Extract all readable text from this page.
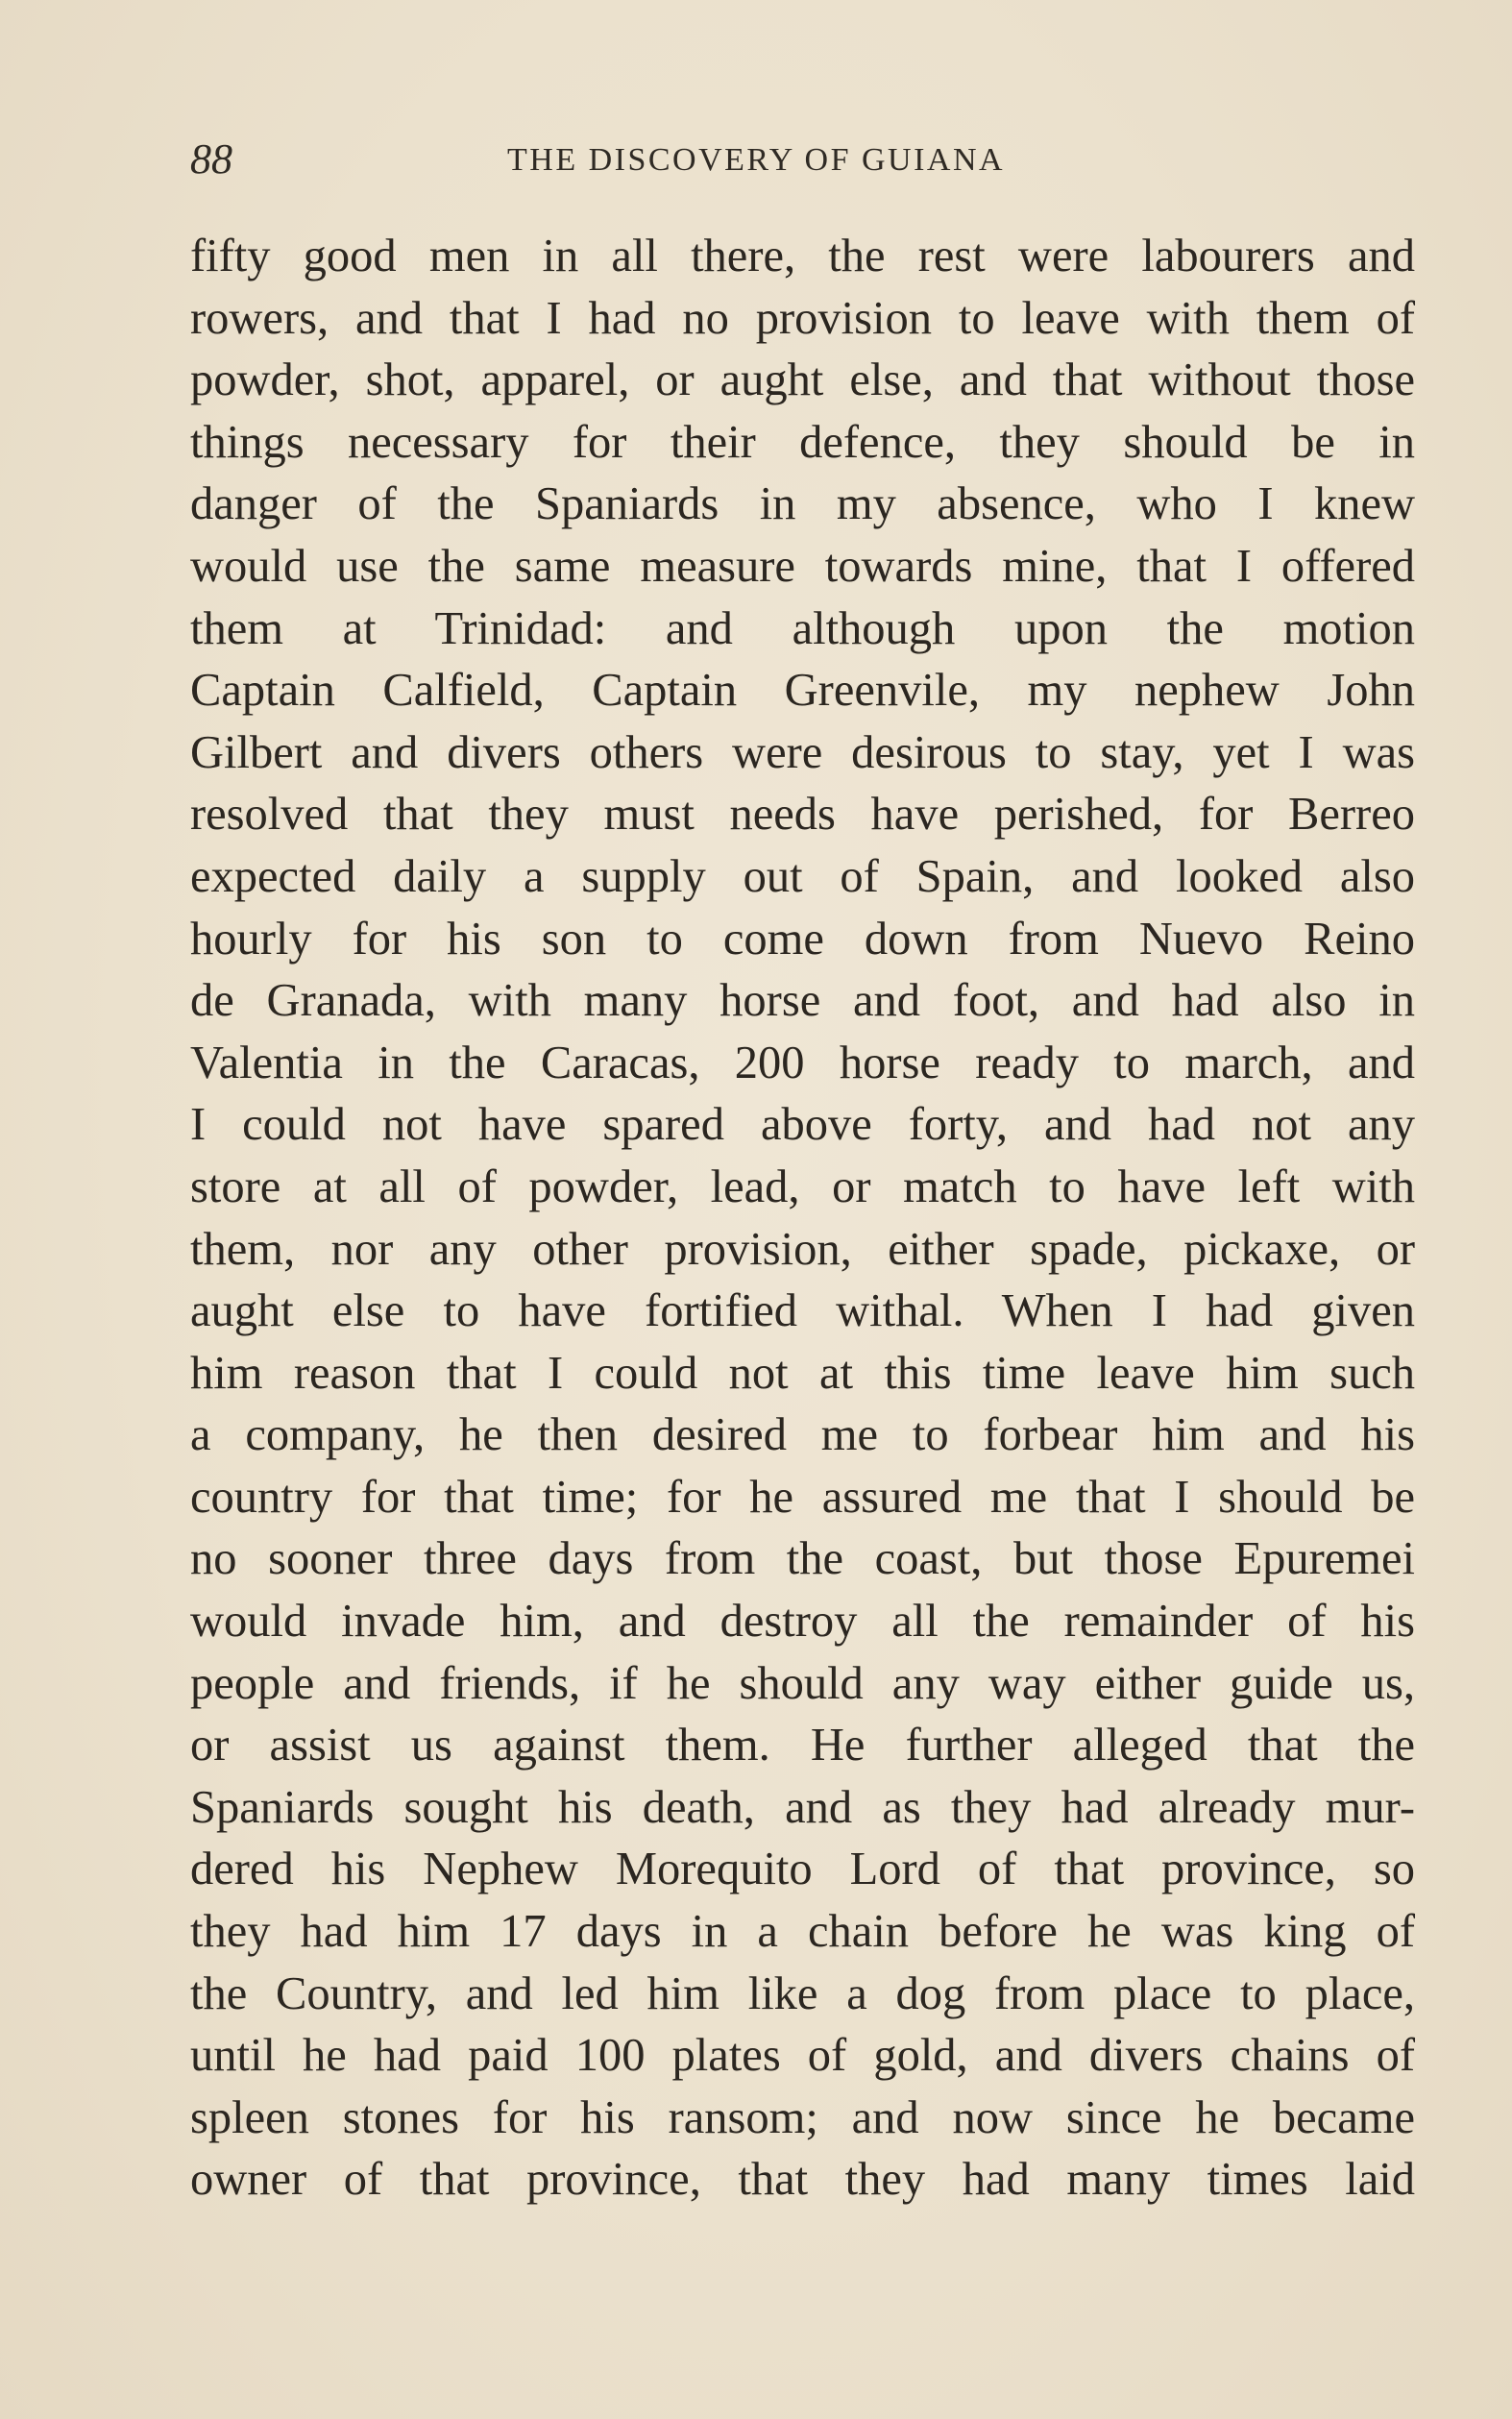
88	THE DISCOVERY OF GUIANA
fifty good men in all there, the rest were labourers and
rowers, and that I had no provision to leave with them of
powder, shot, apparel, or aught else, and that without those
things necessary for their defence, they should be in
danger of the Spaniards in my absence, who I knew
would use the same measure towards mine, that I offered
them at Trinidad: and although upon the motion
Captain Calfield, Captain Greenvile, my nephew John
Gilbert and divers others were desirous to stay, yet I was
resolved that they must needs have perished, for Berreo
expected daily a supply out of Spain, and looked also
hourly for his son to come down from Nuevo Reino
de Granada, with many horse and foot, and had also in
Valentia in the Caracas, 200 horse ready to march, and
I could not have spared above forty, and had not any
store at all of powder, lead, or match to have left with
them, nor any other provision, either spade, pickaxe, or
aught else to have fortified withal. When I had given
him reason that I could not at this time leave him such
a company, he then desired me to forbear him and his
country for that time; for he assured me that I should be
no sooner three days from the coast, but those Epuremei
would invade him, and destroy all the remainder of his
people and friends, if he should any way either guide us,
or assist us against them. He further alleged that the
Spaniards sought his death, and as they had already mur-
dered his Nephew Morequito Lord of that province, so
they had him 17 days in a chain before he was king of
the Country, and led him like a dog from place to place,
until he had paid 100 plates of gold, and divers chains of
spleen stones for his ransom; and now since he became
owner of that province, that they had many times laid
